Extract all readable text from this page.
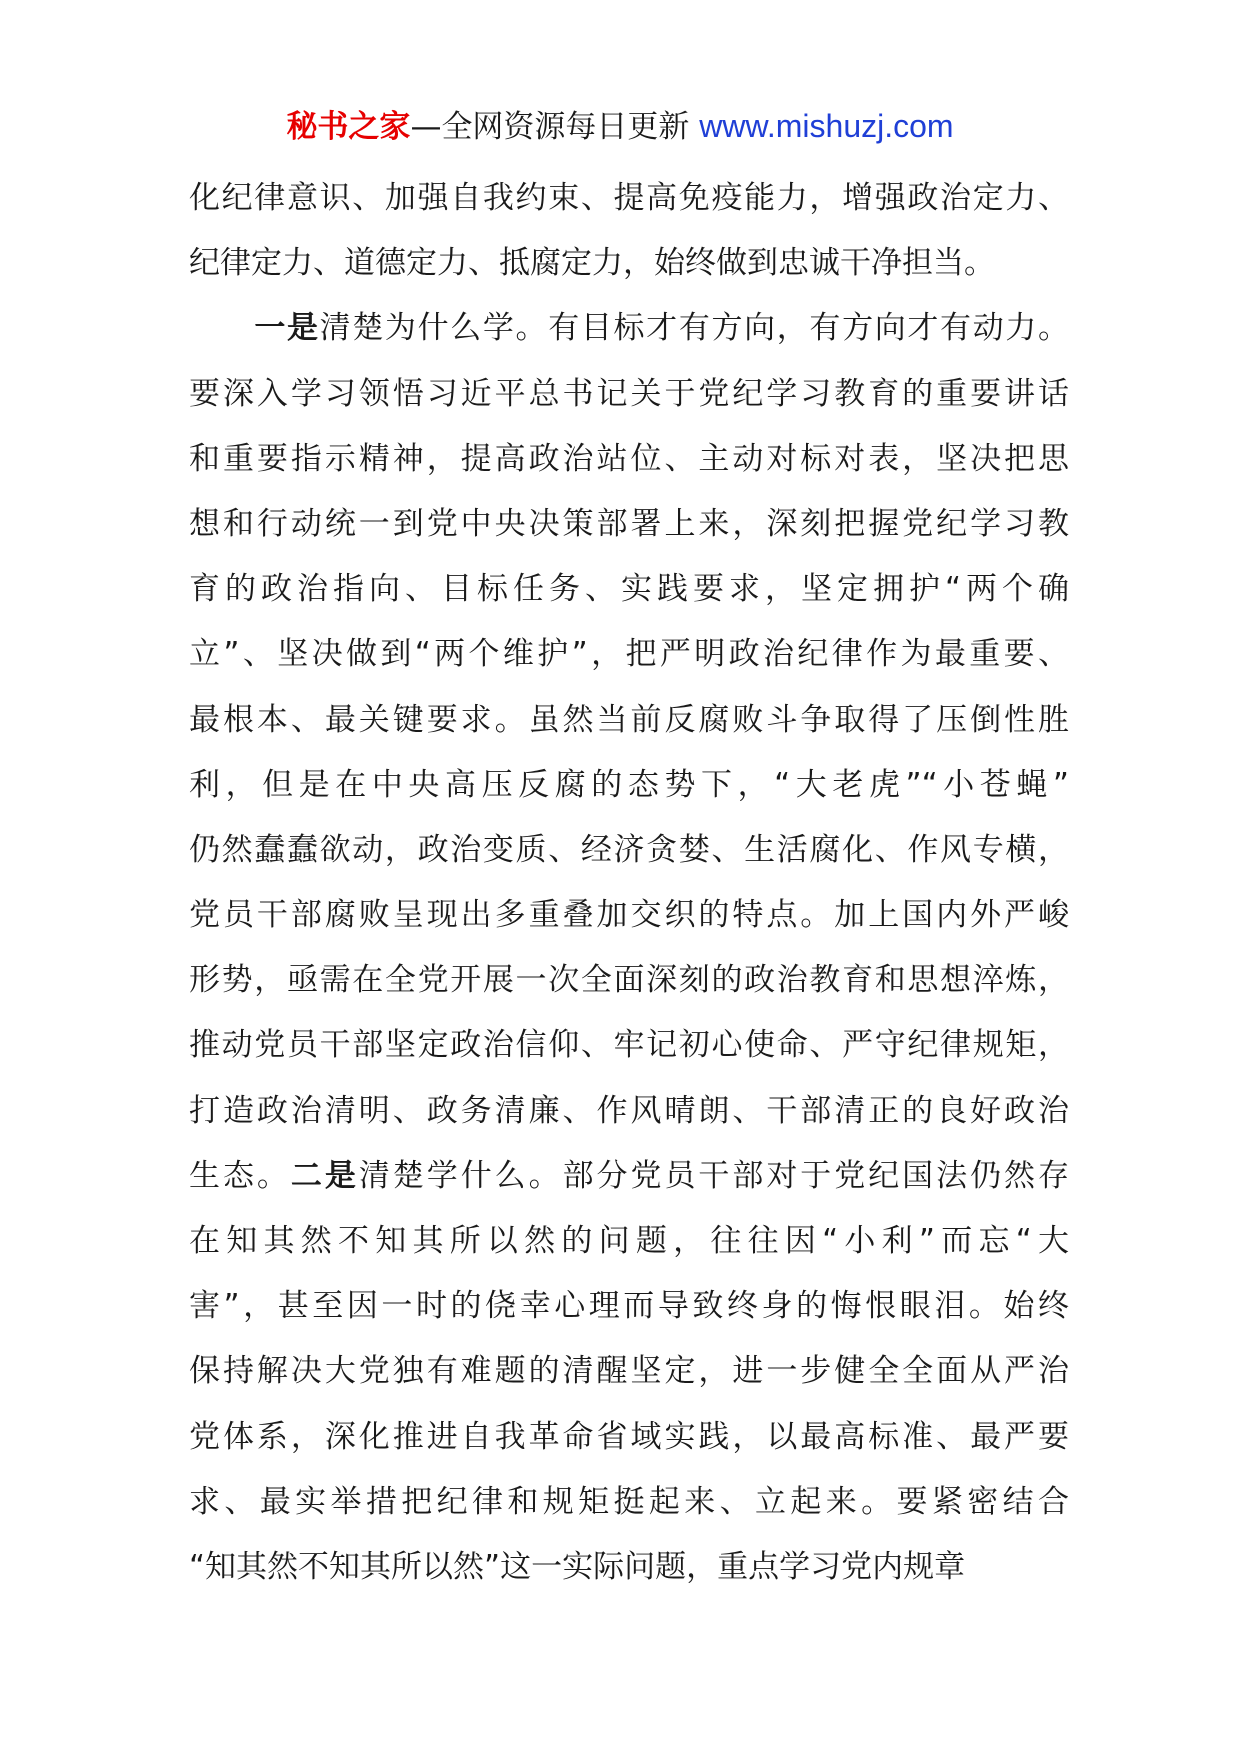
秘书之家—全网资源每日更新 www.mishuzj.com
化纪律意识、加强自我约束、提高免疫能力，增强政治定力、
纪律定力、道德定力、抵腐定力，始终做到忠诚干净担当。
　　一是清楚为什么学。有目标才有方向，有方向才有动力。
要深入学习领悟习近平总书记关于党纪学习教育的重要讲话
和重要指示精神，提高政治站位、主动对标对表，坚决把思
想和行动统一到党中央决策部署上来，深刻把握党纪学习教
育的政治指向、目标任务、实践要求，坚定拥护“两个确
立”、坚决做到“两个维护”，把严明政治纪律作为最重要、
最根本、最关键要求。虽然当前反腐败斗争取得了压倒性胜
利，但是在中央高压反腐的态势下，“大老虎”“小苍蝇”
仍然蠢蠢欲动，政治变质、经济贪婪、生活腐化、作风专横，
党员干部腐败呈现出多重叠加交织的特点。加上国内外严峻
形势，亟需在全党开展一次全面深刻的政治教育和思想淬炼，
推动党员干部坚定政治信仰、牢记初心使命、严守纪律规矩，
打造政治清明、政务清廉、作风晴朗、干部清正的良好政治
生态。二是清楚学什么。部分党员干部对于党纪国法仍然存
在知其然不知其所以然的问题，往往因“小利”而忘“大
害”，甚至因一时的侥幸心理而导致终身的悔恨眼泪。始终
保持解决大党独有难题的清醒坚定，进一步健全全面从严治
党体系，深化推进自我革命省域实践，以最高标准、最严要
求、最实举措把纪律和规矩挺起来、立起来。要紧密结合
“知其然不知其所以然”这一实际问题，重点学习党内规章
